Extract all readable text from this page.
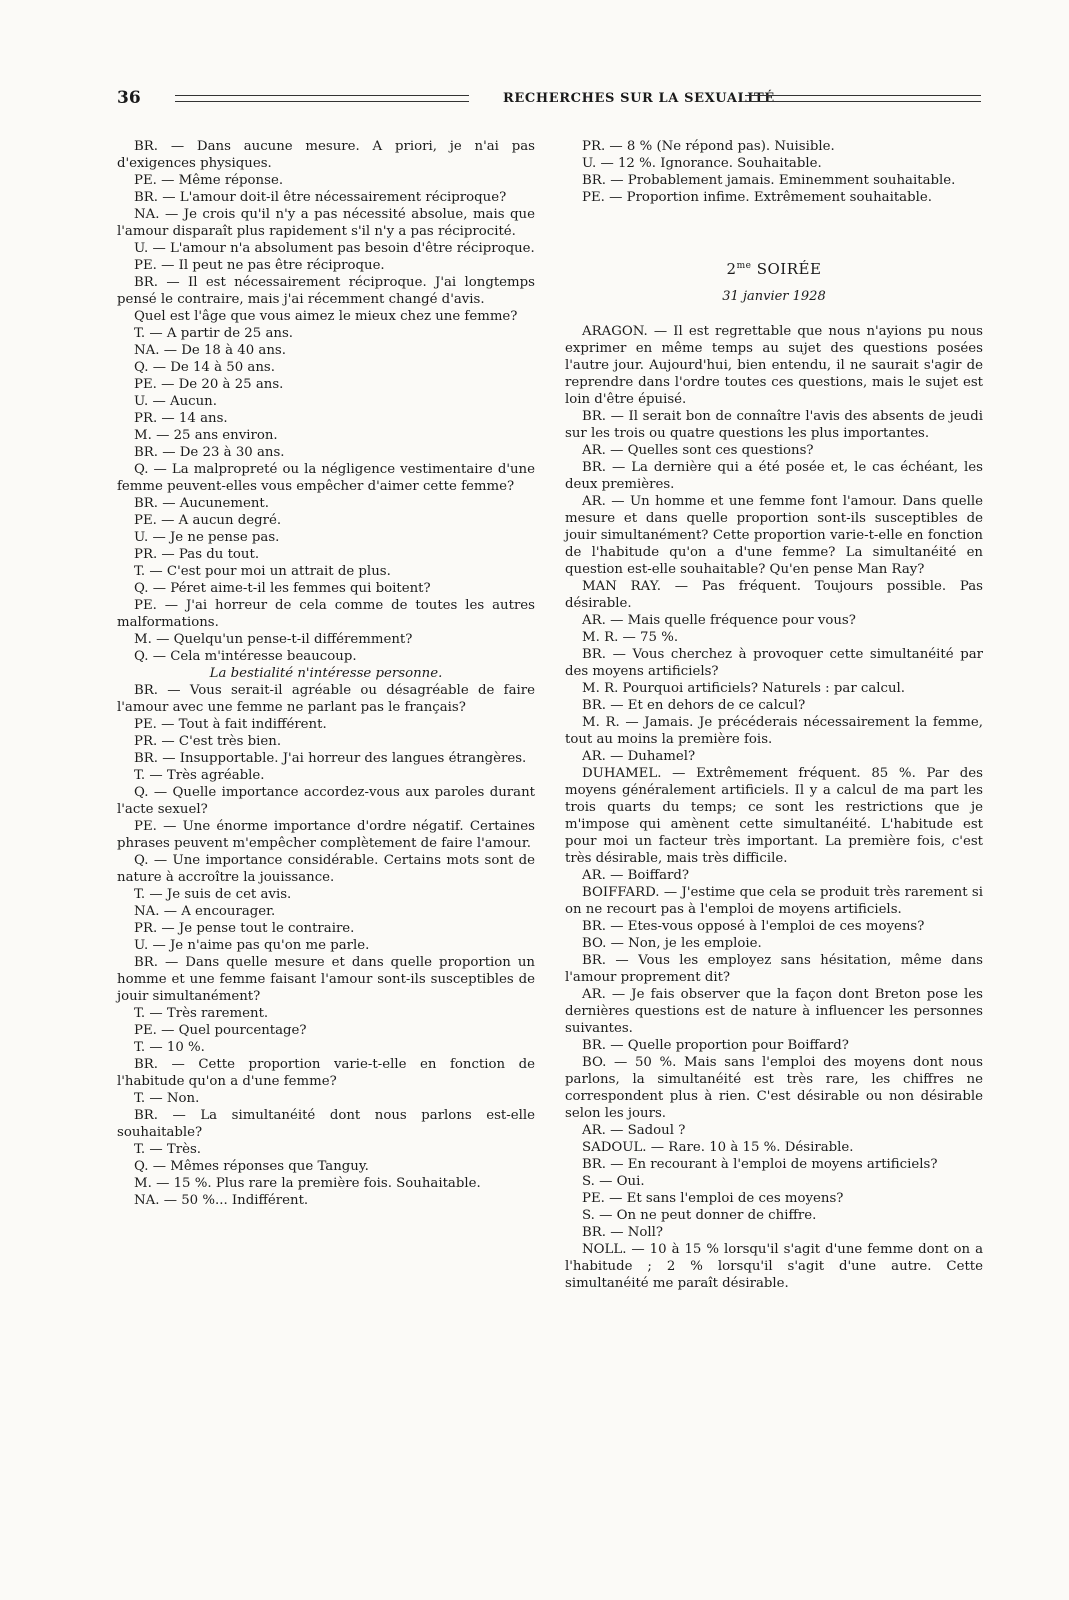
36	RECHERCHES SUR LA SEXUALITÉ

BR. — Dans aucune mesure. A priori, je n'ai pas d'exigences physiques.

PE. — Même réponse.

BR. — L'amour doit-il être nécessairement réciproque?

NA. — Je crois qu'il n'y a pas nécessité absolue, mais que l'amour disparaît plus rapidement s'il n'y a pas réciprocité.

U. — L'amour n'a absolument pas besoin d'être réciproque.

PE. — Il peut ne pas être réciproque.

BR. — Il est nécessairement réciproque. J'ai longtemps pensé le contraire, mais j'ai récemment changé d'avis.

Quel est l'âge que vous aimez le mieux chez une femme?

T. — A partir de 25 ans.

NA. — De 18 à 40 ans.

Q. — De 14 à 50 ans.

PE. — De 20 à 25 ans.

U. — Aucun.

PR. — 14 ans.

M. — 25 ans environ.

BR. — De 23 à 30 ans.

Q. — La malpropreté ou la négligence vestimentaire d'une femme peuvent-elles vous empêcher d'aimer cette femme?

BR. — Aucunement.

PE. — A aucun degré.

U. — Je ne pense pas.

PR. — Pas du tout.

T. — C'est pour moi un attrait de plus.

Q. — Péret aime-t-il les femmes qui boitent?

PE. — J'ai horreur de cela comme de toutes les autres malformations.

M. — Quelqu'un pense-t-il différemment?

Q. — Cela m'intéresse beaucoup.

La bestialité n'intéresse personne.

BR. — Vous serait-il agréable ou désagréable de faire l'amour avec une femme ne parlant pas le français?

PE. — Tout à fait indifférent.

PR. — C'est très bien.

BR. — Insupportable. J'ai horreur des langues étrangères.

T. — Très agréable.

Q. — Quelle importance accordez-vous aux paroles durant l'acte sexuel?

PE. — Une énorme importance d'ordre négatif. Certaines phrases peuvent m'empêcher complètement de faire l'amour.

Q. — Une importance considérable. Certains mots sont de nature à accroître la jouissance.

T. — Je suis de cet avis.

NA. — A encourager.

PR. — Je pense tout le contraire.

U. — Je n'aime pas qu'on me parle.

BR. — Dans quelle mesure et dans quelle proportion un homme et une femme faisant l'amour sont-ils susceptibles de jouir simultanément?

T. — Très rarement.

PE. — Quel pourcentage?

T. — 10 %.

BR. — Cette proportion varie-t-elle en fonction de l'habitude qu'on a d'une femme?

T. — Non.

BR. — La simultanéité dont nous parlons est-elle souhaitable?

T. — Très.

Q. — Mêmes réponses que Tanguy.

M. — 15 %. Plus rare la première fois. Souhaitable.

NA. — 50 %... Indifférent.

PR. — 8 % (Ne répond pas). Nuisible.

U. — 12 %. Ignorance. Souhaitable.

BR. — Probablement jamais. Eminemment souhaitable.

PE. — Proportion infime. Extrêmement souhaitable.

$2^{me}$ SOIRÉE
31 janvier 1928

ARAGON. — Il est regrettable que nous n'ayions pu nous exprimer en même temps au sujet des questions posées l'autre jour. Aujourd'hui, bien entendu, il ne saurait s'agir de reprendre dans l'ordre toutes ces questions, mais le sujet est loin d'être épuisé.

BR. — Il serait bon de connaître l'avis des absents de jeudi sur les trois ou quatre questions les plus importantes.

AR. — Quelles sont ces questions?

BR. — La dernière qui a été posée et, le cas échéant, les deux premières.

AR. — Un homme et une femme font l'amour. Dans quelle mesure et dans quelle proportion sont-ils susceptibles de jouir simultanément? Cette proportion varie-t-elle en fonction de l'habitude qu'on a d'une femme? La simultanéité en question est-elle souhaitable? Qu'en pense Man Ray?

MAN RAY. — Pas fréquent. Toujours possible. Pas désirable.

AR. — Mais quelle fréquence pour vous?

M. R. — 75 %.

BR. — Vous cherchez à provoquer cette simultanéité par des moyens artificiels?

M. R. Pourquoi artificiels? Naturels : par calcul.

BR. — Et en dehors de ce calcul?

M. R. — Jamais. Je précéderais nécessairement la femme, tout au moins la première fois.

AR. — Duhamel?

DUHAMEL. — Extrêmement fréquent. 85 %. Par des moyens généralement artificiels. Il y a calcul de ma part les trois quarts du temps; ce sont les restrictions que je m'impose qui amènent cette simultanéité. L'habitude est pour moi un facteur très important. La première fois, c'est très désirable, mais très difficile.

AR. — Boiffard?

BOIFFARD. — J'estime que cela se produit très rarement si on ne recourt pas à l'emploi de moyens artificiels.

BR. — Etes-vous opposé à l'emploi de ces moyens?

BO. — Non, je les emploie.

BR. — Vous les employez sans hésitation, même dans l'amour proprement dit?

AR. — Je fais observer que la façon dont Breton pose les dernières questions est de nature à influencer les personnes suivantes.

BR. — Quelle proportion pour Boiffard?

BO. — 50 %. Mais sans l'emploi des moyens dont nous parlons, la simultanéité est très rare, les chiffres ne correspondent plus à rien. C'est désirable ou non désirable selon les jours.

AR. — Sadoul ?

SADOUL. — Rare. 10 à 15 %. Désirable.

BR. — En recourant à l'emploi de moyens artificiels?

S. — Oui.

PE. — Et sans l'emploi de ces moyens?

S. — On ne peut donner de chiffre.

BR. — Noll?

NOLL. — 10 à 15 % lorsqu'il s'agit d'une femme dont on a l'habitude ; 2 % lorsqu'il s'agit d'une autre. Cette simultanéité me paraît désirable.
